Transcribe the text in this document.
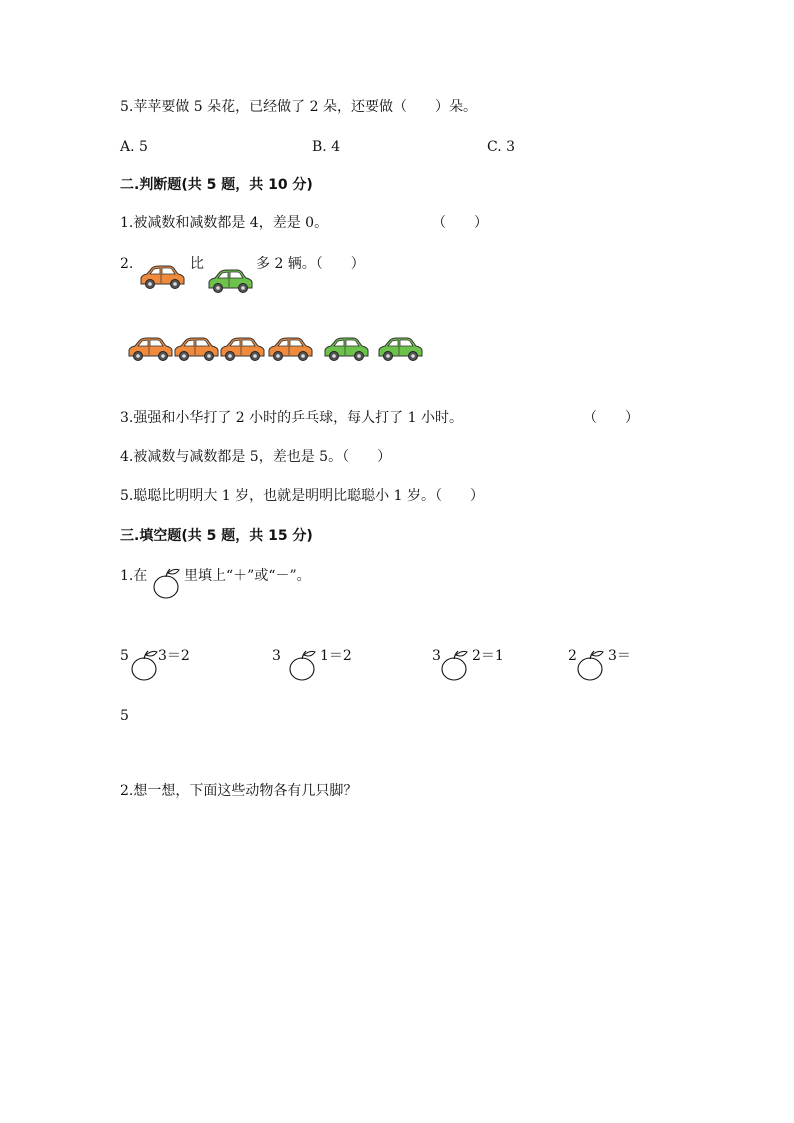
5.苹苹要做 5 朵花，已经做了 2 朵，还要做（　　）朵。
A. 5	B. 4	C. 3
二.判断题(共 5 题，共 10 分)
1.被减数和减数都是 4，差是 0。	（　　）
2.	比	多 2 辆。（　　）
3.强强和小华打了 2 小时的乒乓球，每人打了 1 小时。	（　　）
4.被减数与减数都是 5，差也是 5。（　　）
5.聪聪比明明大 1 岁，也就是明明比聪聪小 1 岁。（　　）
三.填空题(共 5 题，共 15 分)
1.在	里填上“＋”或“－”。
5 3＝2	3	1＝2	3 2＝1	2 3＝
5
2.想一想，下面这些动物各有几只脚？
